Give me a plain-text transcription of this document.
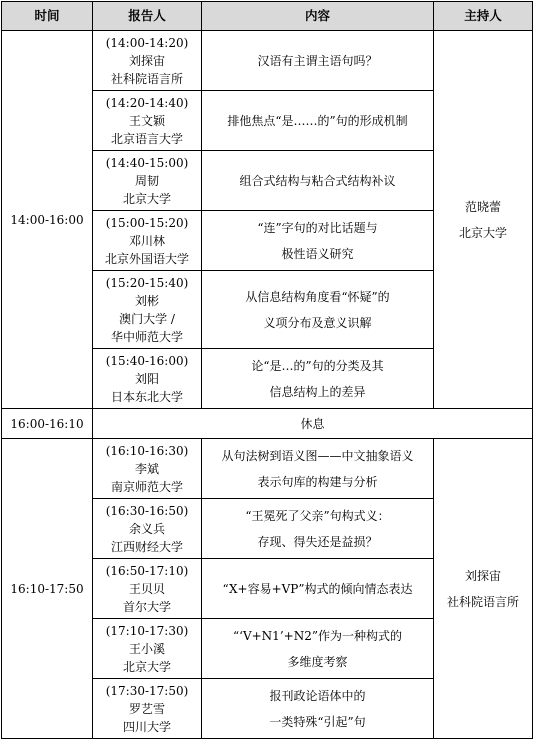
时间	报告人	内容	主持人
14:00-16:00	(14:00-14:20)
刘探宙
社科院语言所	汉语有主谓主语句吗？	范晓蕾
北京大学

	(14:20-14:40)
王文颖
北京语言大学	排他焦点“是……的”句的形成机制	

	(14:40-15:00)
周韧
北京大学	组合式结构与粘合式结构补议	

	(15:00-15:20)
邓川林
北京外国语大学	“连”字句的对比话题与
极性语义研究	

	(15:20-15:40)
刘彬
澳门大学 /
华中师范大学	从信息结构角度看“怀疑”的
义项分布及意义识解	

	(15:40-16:00)
刘阳
日本东北大学	论“是…的”句的分类及其
信息结构上的差异	

16:00-16:10	休息		
16:10-17:50	(16:10-16:30)
李斌
南京师范大学	从句法树到语义图——中文抽象语义
表示句库的构建与分析	刘探宙
社科院语言所

	(16:30-16:50)
余义兵
江西财经大学	“王冕死了父亲”句构式义：
存现、得失还是益损？	

	(16:50-17:10)
王贝贝
首尔大学	“X+容易+VP”构式的倾向情态表达	

	(17:10-17:30)
王小溪
北京大学	“‘V+N1’+N2”作为一种构式的
多维度考察	

	(17:30-17:50)
罗艺雪
四川大学	报刊政论语体中的
一类特殊“引起”句	
